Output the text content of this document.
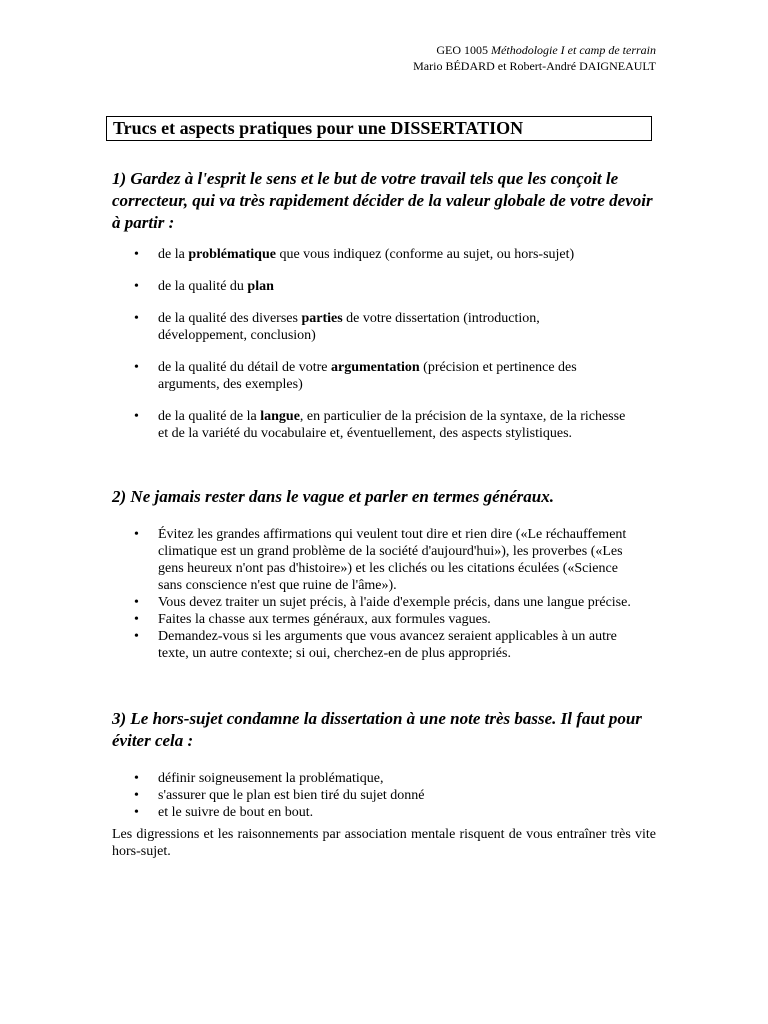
GEO 1005 Méthodologie I et camp de terrain
Mario BÉDARD et Robert-André DAIGNEAULT
Trucs et aspects pratiques pour une DISSERTATION
1) Gardez à l'esprit le sens et le but de votre travail tels que les conçoit le correcteur, qui va très rapidement décider de la valeur globale de votre devoir à partir :
• de la problématique que vous indiquez (conforme au sujet, ou hors-sujet)
• de la qualité du plan
• de la qualité des diverses parties de votre dissertation (introduction, développement, conclusion)
• de la qualité du détail de votre argumentation (précision et pertinence des arguments, des exemples)
• de la qualité de la langue, en particulier de la précision de la syntaxe, de la richesse et de la variété du vocabulaire et, éventuellement, des aspects stylistiques.
2) Ne jamais rester dans le vague et parler en termes généraux.
• Évitez les grandes affirmations qui veulent tout dire et rien dire («Le réchauffement climatique est un grand problème de la société d'aujourd'hui»), les proverbes («Les gens heureux n'ont pas d'histoire») et les clichés ou les citations éculées («Science sans conscience n'est que ruine de l'âme»).
• Vous devez traiter un sujet précis, à l'aide d'exemple précis, dans une langue précise.
• Faites la chasse aux termes généraux, aux formules vagues.
• Demandez-vous si les arguments que vous avancez seraient applicables à un autre texte, un autre contexte; si oui, cherchez-en de plus appropriés.
3) Le hors-sujet condamne la dissertation à une note très basse. Il faut pour éviter cela :
• définir soigneusement la problématique,
• s'assurer que le plan est bien tiré du sujet donné
• et le suivre de bout en bout.
Les digressions et les raisonnements par association mentale risquent de vous entraîner très vite hors-sujet.
